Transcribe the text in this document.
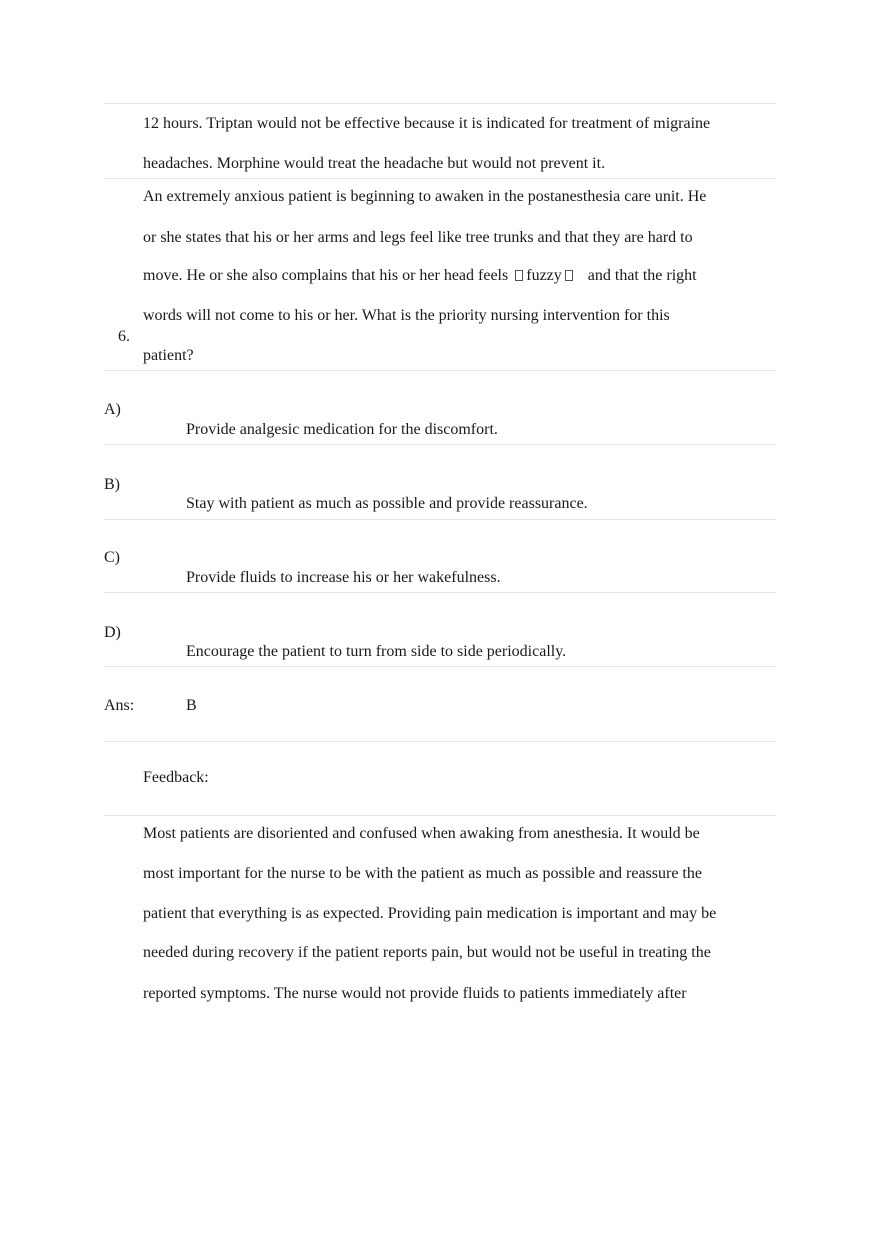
12 hours. Triptan would not be effective because it is indicated for treatment of migraine
headaches. Morphine would treat the headache but would not prevent it.
An extremely anxious patient is beginning to awaken in the postanesthesia care unit. He
or she states that his or her arms and legs feel like tree trunks and that they are hard to
move. He or she also complains that his or her head feels fuzzy and that the right
words will not come to his or her. What is the priority nursing intervention for this
6.
patient?
A)
Provide analgesic medication for the discomfort.
B)
Stay with patient as much as possible and provide reassurance.
C)
Provide fluids to increase his or her wakefulness.
D)
Encourage the patient to turn from side to side periodically.
Ans:	B
Feedback:
Most patients are disoriented and confused when awaking from anesthesia. It would be
most important for the nurse to be with the patient as much as possible and reassure the
patient that everything is as expected. Providing pain medication is important and may be
needed during recovery if the patient reports pain, but would not be useful in treating the
reported symptoms. The nurse would not provide fluids to patients immediately after
